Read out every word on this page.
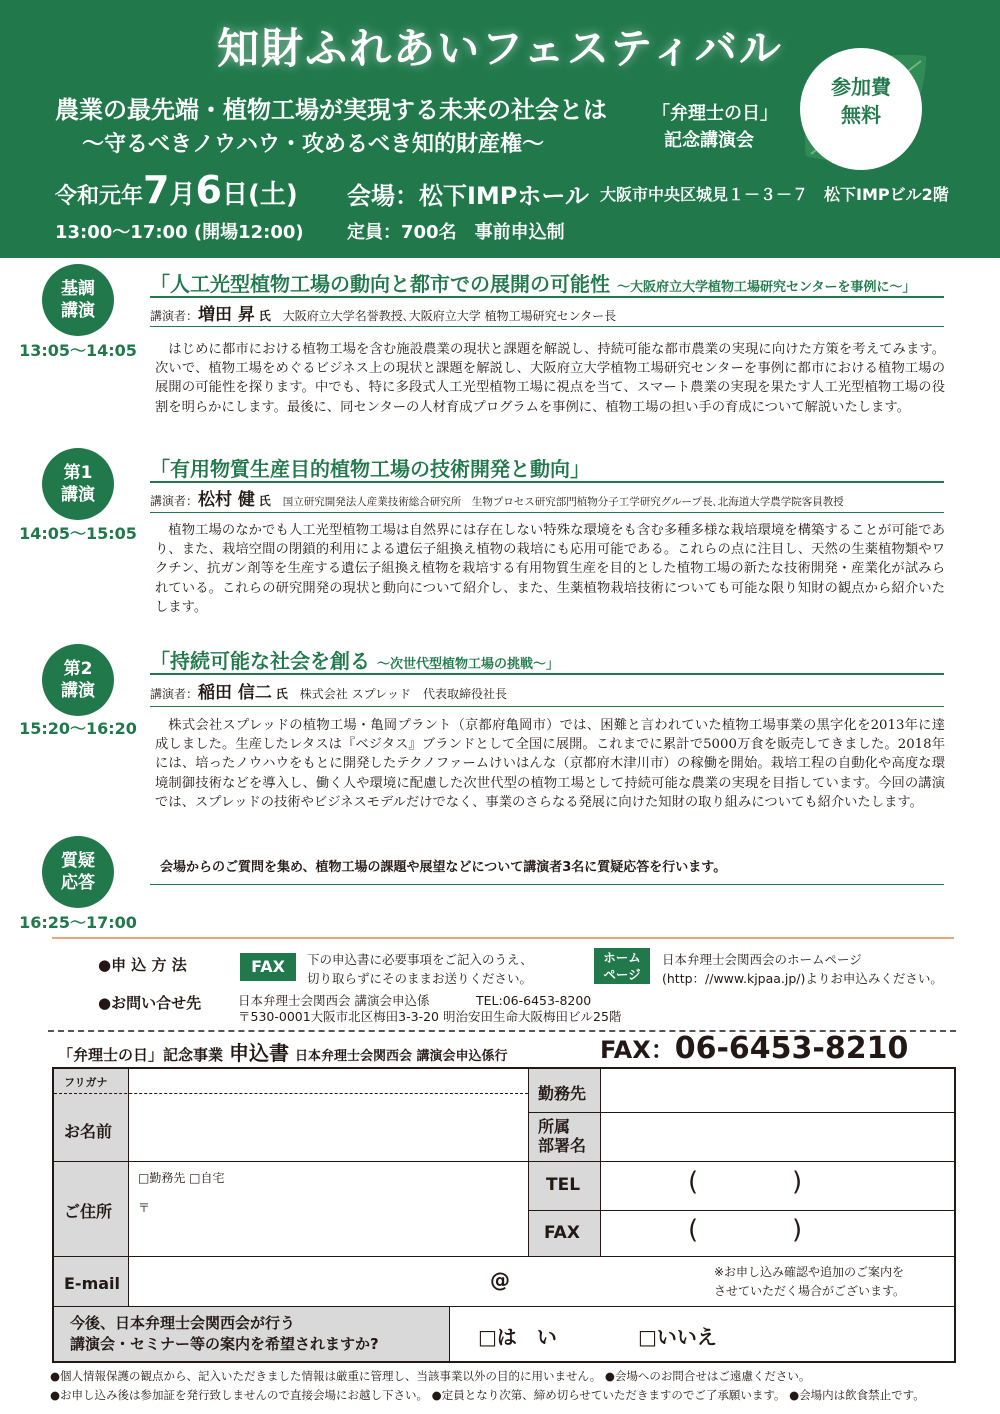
知財ふれあいフェスティバル
農業の最先端・植物工場が実現する未来の社会とは
～守るべきノウハウ・攻めるべき知的財産権～
「弁理士の日」
記念講演会
参加費
無料
令和元年7月6日(土) 会場：松下IMPホール 大阪市中央区城見１－３－７　松下IMPビル2階
13:00～17:00 (開場12:00) 定員：700名　事前申込制
基調
講演
13:05～14:05
「人工光型植物工場の動向と都市での展開の可能性 ～大阪府立大学植物工場研究センターを事例に～」
講演者：増田 昇 氏 大阪府立大学名誉教授､大阪府立大学 植物工場研究センター長
はじめに都市における植物工場を含む施設農業の現状と課題を解説し、持続可能な都市農業の実現に向けた方策を考えてみます。次いで、植物工場をめぐるビジネス上の現状と課題を解説し、大阪府立大学植物工場研究センターを事例に都市における植物工場の展開の可能性を探ります。中でも、特に多段式人工光型植物工場に視点を当て、スマート農業の実現を果たす人工光型植物工場の役割を明らかにします。最後に、同センターの人材育成プログラムを事例に、植物工場の担い手の育成について解説いたします。
第1
講演
14:05～15:05
「有用物質生産目的植物工場の技術開発と動向」
講演者：松村 健 氏 国立研究開発法人産業技術総合研究所　生物プロセス研究部門植物分子工学研究グループ長､北海道大学農学院客員教授
植物工場のなかでも人工光型植物工場は自然界には存在しない特殊な環境をも含む多種多様な栽培環境を構築することが可能であり、また、栽培空間の閉鎖的利用による遺伝子組換え植物の栽培にも応用可能である。これらの点に注目し、天然の生薬植物類やワクチン、抗ガン剤等を生産する遺伝子組換え植物を栽培する有用物質生産を目的とした植物工場の新たな技術開発・産業化が試みられている。これらの研究開発の現状と動向について紹介し、また、生薬植物栽培技術についても可能な限り知財の観点から紹介いたします。
第2
講演
15:20～16:20
「持続可能な社会を創る ～次世代型植物工場の挑戦～」
講演者：稲田 信二 氏 株式会社 スプレッド　代表取締役社長
株式会社スプレッドの植物工場・亀岡プラント（京都府亀岡市）では、困難と言われていた植物工場事業の黒字化を2013年に達成しました。生産したレタスは『ベジタス』ブランドとして全国に展開。これまでに累計で5000万食を販売してきました。2018年には、培ったノウハウをもとに開発したテクノファームけいはんな（京都府木津川市）の稼働を開始。栽培工程の自動化や高度な環境制御技術などを導入し、働く人や環境に配慮した次世代型の植物工場として持続可能な農業の実現を目指しています。今回の講演では、スプレッドの技術やビジネスモデルだけでなく、事業のさらなる発展に向けた知財の取り組みについても紹介いたします。
質疑
応答
16:25～17:00
会場からのご質問を集め、植物工場の課題や展望などについて講演者3名に質疑応答を行います。
●申 込 方 法	FAX	下の申込書に必要事項をご記入のうえ、
切り取らずにそのままお送りください。
ホーム
ページ
日本弁理士会関西会のホームページ
(http：//www.kjpaa.jp/)よりお申込みください。
●お問い合せ先	日本弁理士会関西会 講演会申込係	TEL:06-6453-8200
〒530-0001大阪市北区梅田3-3-20 明治安田生命大阪梅田ビル25階
「弁理士の日」記念事業 申込書 日本弁理士会関西会 講演会申込係行	FAX：06-6453-8210
フリガナ
お名前
勤務先
所属
部署名
ご住所
□勤務先 □自宅
〒
TEL	(	)
FAX	(	)
E-mail	@	※お申し込み確認や追加のご案内を
させていただく場合がございます。
今後、日本弁理士会関西会が行う
講演会・セミナー等の案内を希望されますか?	□は　い	□いいえ
●個人情報保護の観点から、記入いただきました情報は厳重に管理し、当該事業以外の目的に用いません。 ●会場へのお問合せはご遠慮ください。
●お申し込み後は参加証を発行致しませんので直接会場にお越し下さい。 ●定員となり次第、締め切らせていただきますのでご了承願います。 ●会場内は飲食禁止です。
